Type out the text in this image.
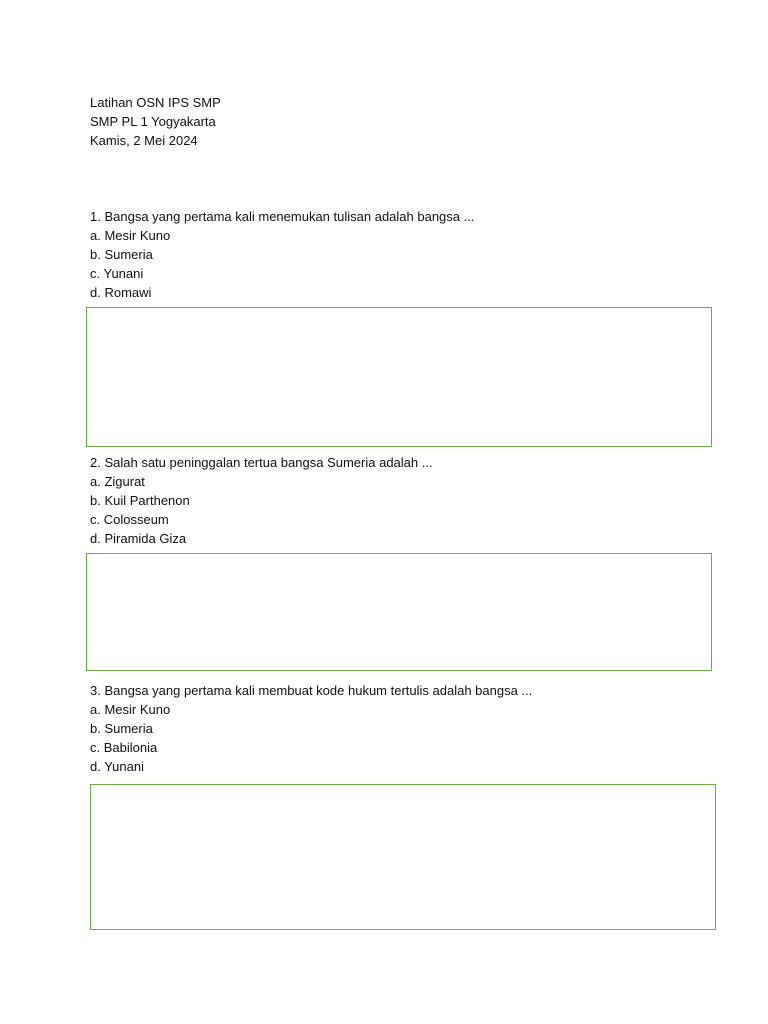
Latihan OSN IPS SMP
SMP PL 1 Yogyakarta
Kamis, 2 Mei 2024
1. Bangsa yang pertama kali menemukan tulisan adalah bangsa ...
a. Mesir Kuno
b. Sumeria
c. Yunani
d. Romawi
2. Salah satu peninggalan tertua bangsa Sumeria adalah ...
a. Zigurat
b. Kuil Parthenon
c. Colosseum
d. Piramida Giza
3. Bangsa yang pertama kali membuat kode hukum tertulis adalah bangsa ...
a. Mesir Kuno
b. Sumeria
c. Babilonia
d. Yunani
